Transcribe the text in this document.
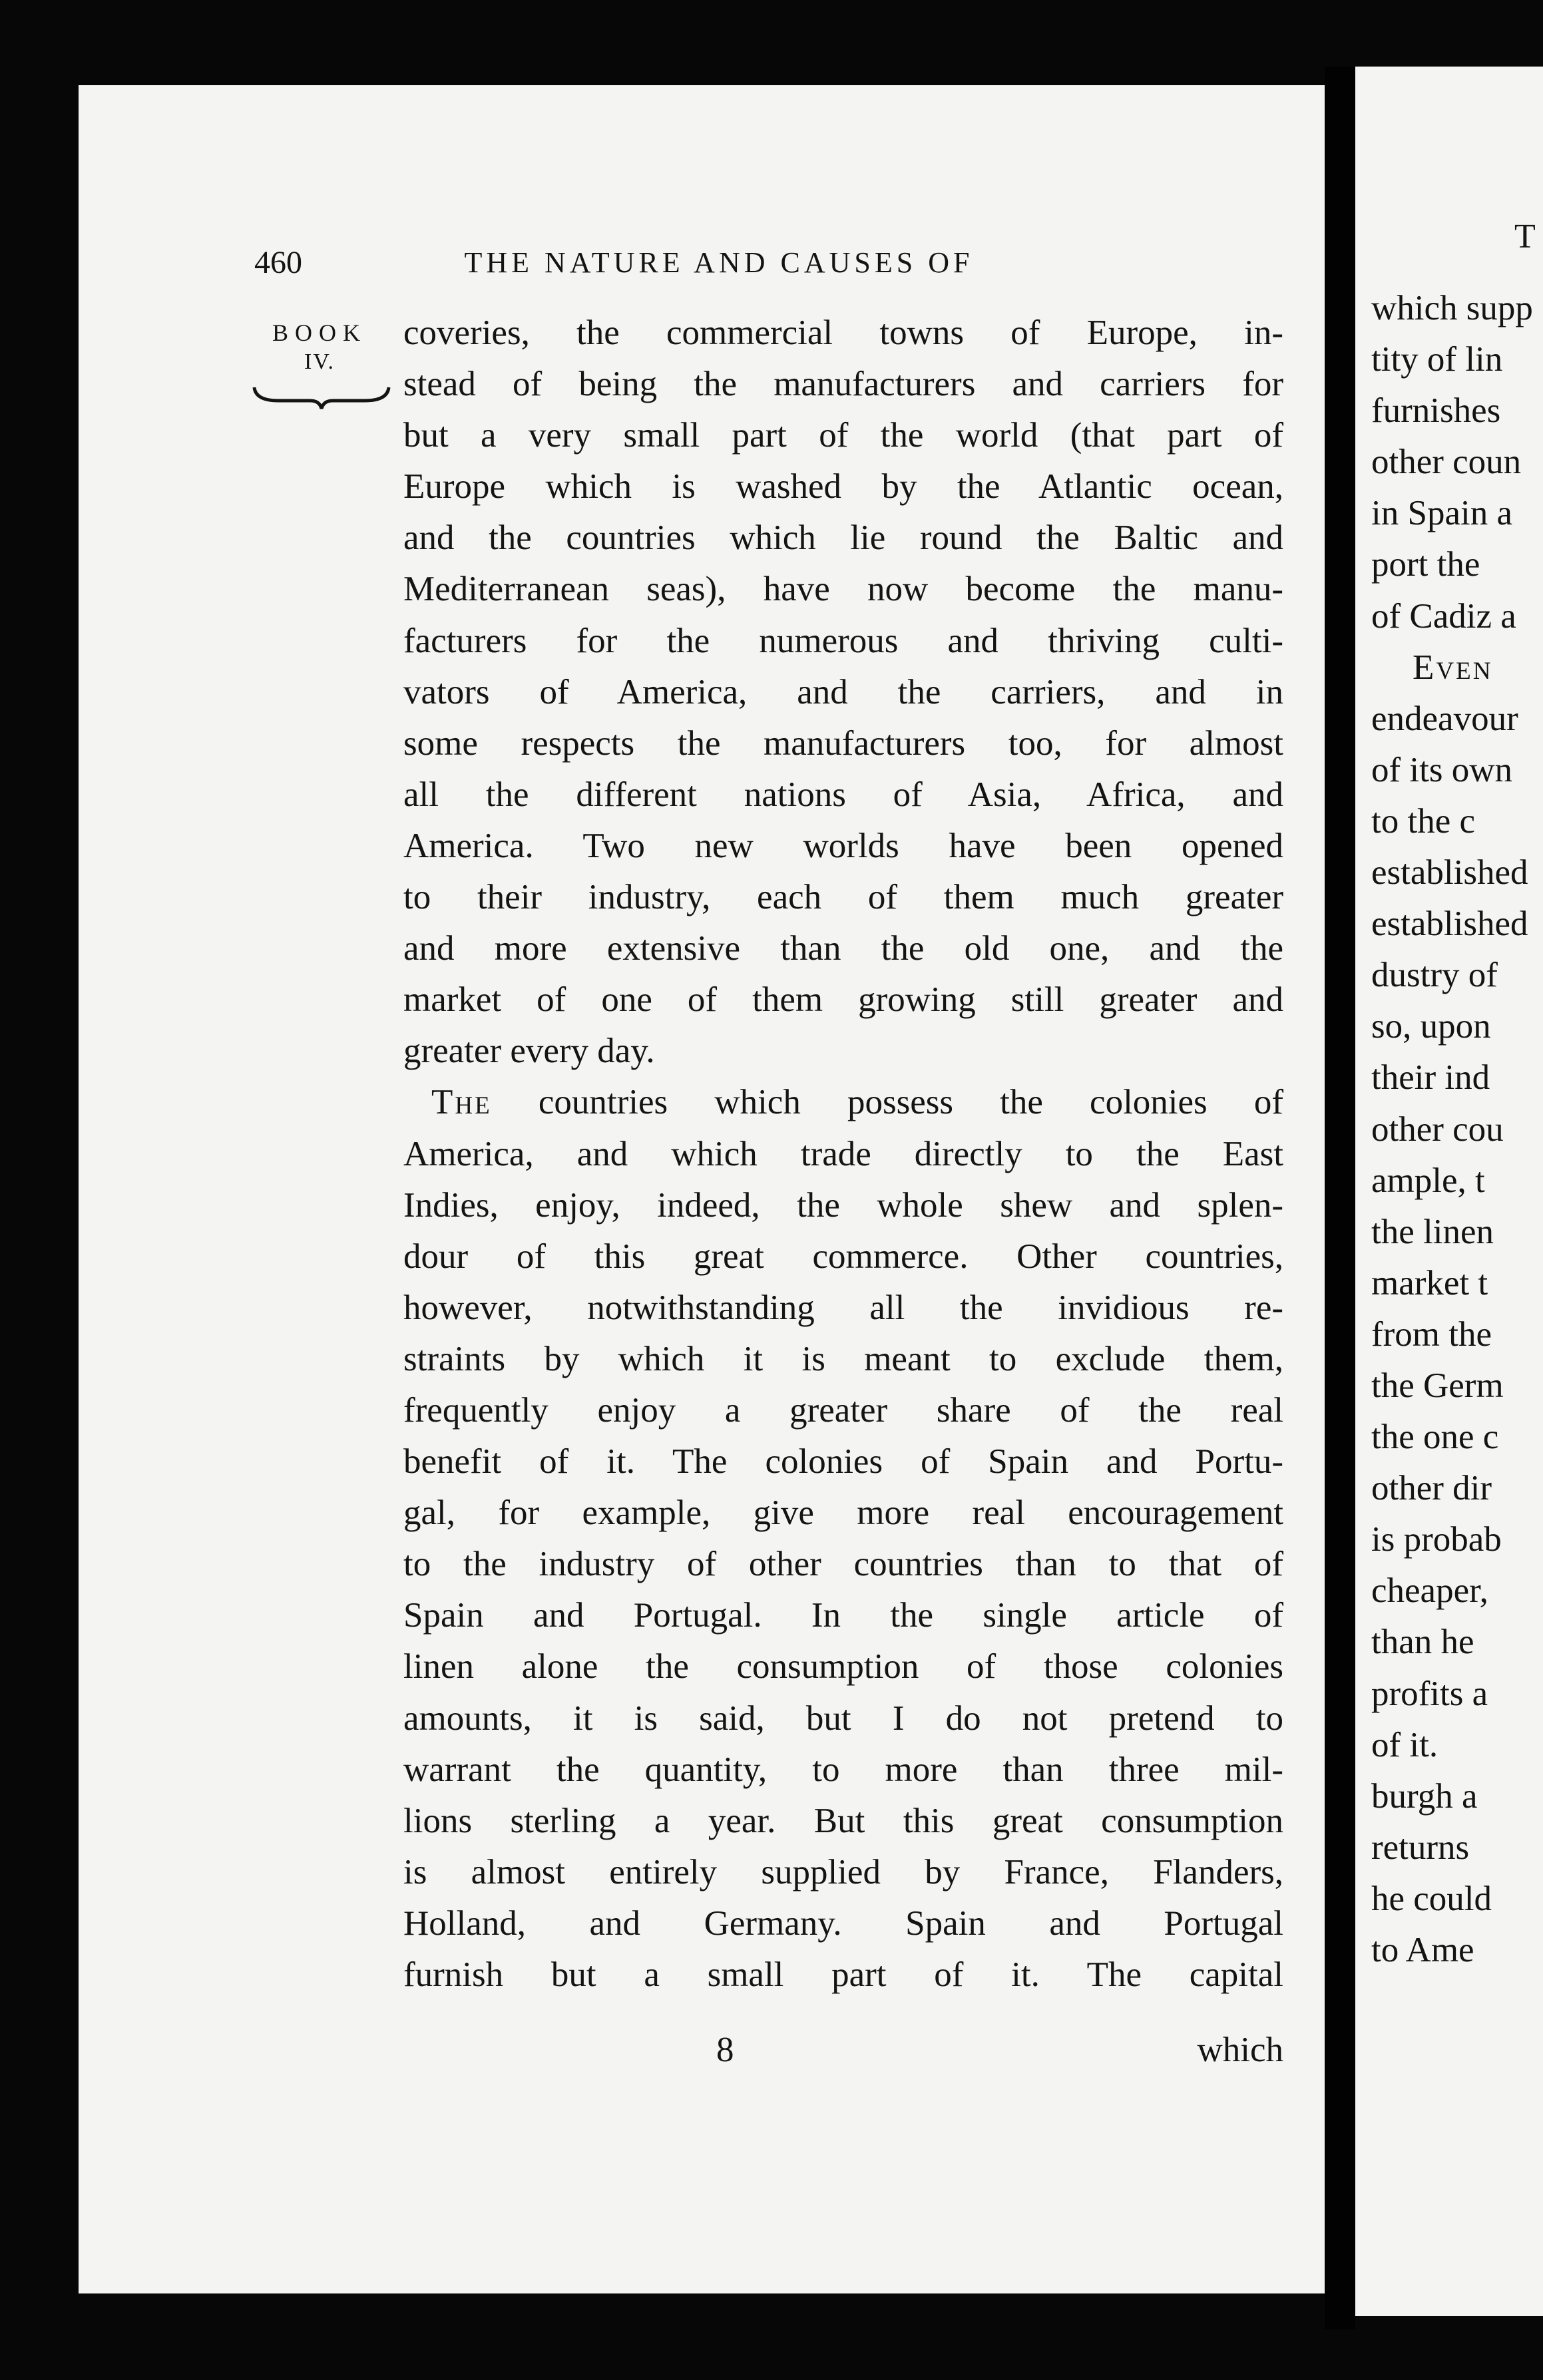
460	THE NATURE AND CAUSES OF
BOOK
IV.
coveries, the commercial towns of Europe, in-
stead of being the manufacturers and carriers for
but a very small part of the world (that part of
Europe which is washed by the Atlantic ocean,
and the countries which lie round the Baltic and
Mediterranean seas), have now become the manu-
facturers for the numerous and thriving culti-
vators of America, and the carriers, and in
some respects the manufacturers too, for almost
all the different nations of Asia, Africa, and
America. Two new worlds have been opened
to their industry, each of them much greater
and more extensive than the old one, and the
market of one of them growing still greater and
greater every day.
The countries which possess the colonies of
America, and which trade directly to the East
Indies, enjoy, indeed, the whole shew and splen-
dour of this great commerce. Other countries,
however, notwithstanding all the invidious re-
straints by which it is meant to exclude them,
frequently enjoy a greater share of the real
benefit of it. The colonies of Spain and Portu-
gal, for example, give more real encouragement
to the industry of other countries than to that of
Spain and Portugal. In the single article of
linen alone the consumption of those colonies
amounts, it is said, but I do not pretend to
warrant the quantity, to more than three mil-
lions sterling a year. But this great consumption
is almost entirely supplied by France, Flanders,
Holland, and Germany. Spain and Portugal
furnish but a small part of it. The capital
8	which
T
which supp
tity of lin
furnishes
other coun
in Spain a
port the
of Cadiz a
Even
endeavour
of its own
to the c
established
established
dustry of
so, upon
their ind
other cou
ample, t
the linen
market t
from the
the Germ
the one c
other dir
is probab
cheaper,
than he
profits a
of it.
burgh a
returns
he could
to Ame
